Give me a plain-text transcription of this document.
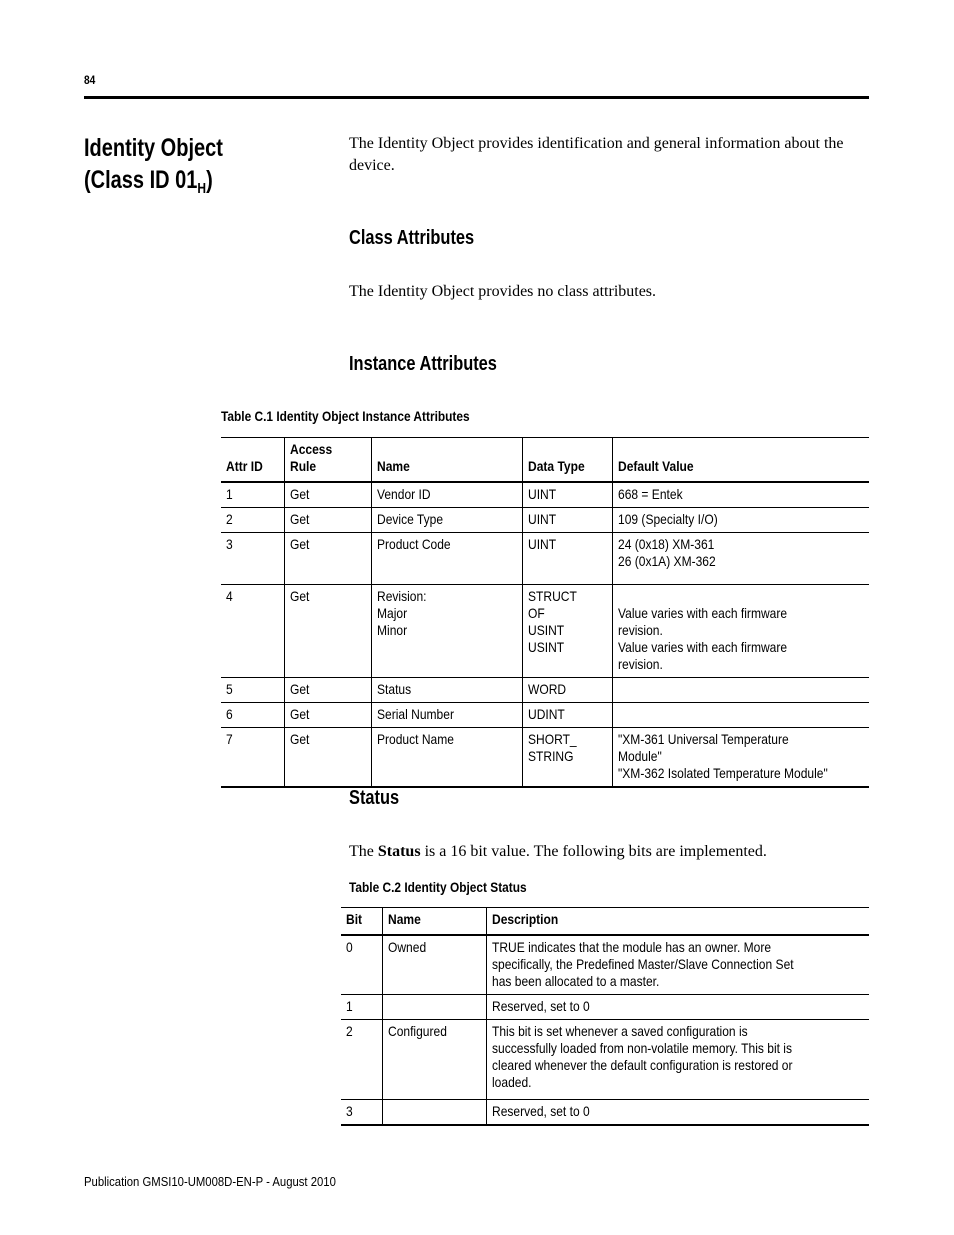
84
Identity Object
(Class ID $01_H$)
The Identity Object provides identification and general information about the device.
Class Attributes
The Identity Object provides no class attributes.
Instance Attributes
Table C.1 Identity Object Instance Attributes
Attr ID	Access
Rule	Name	Data Type	Default Value
1	Get	Vendor ID	UINT	668 = Entek
2	Get	Device Type	UINT	109 (Specialty I/O)
3	Get	Product Code	UINT	24 (0x18) XM-361
26 (0x1A) XM-362
4	Get	Revision:
Major
Minor	STRUCT OF
USINT
USINT	
Value varies with each firmware revision.
Value varies with each firmware revision.
5	Get	Status	WORD	
6	Get	Serial Number	UDINT	
7	Get	Product Name	SHORT_
STRING	"XM-361 Universal Temperature Module"
"XM-362 Isolated Temperature Module"
Status
The Status is a 16 bit value. The following bits are implemented.
Table C.2 Identity Object Status
Bit	Name	Description
0	Owned	TRUE indicates that the module has an owner. More specifically, the Predefined Master/Slave Connection Set has been allocated to a master.
1		Reserved, set to 0
2	Configured	This bit is set whenever a saved configuration is successfully loaded from non-volatile memory. This bit is cleared whenever the default configuration is restored or loaded.
3		Reserved, set to 0
Publication GMSI10-UM008D-EN-P - August 2010
